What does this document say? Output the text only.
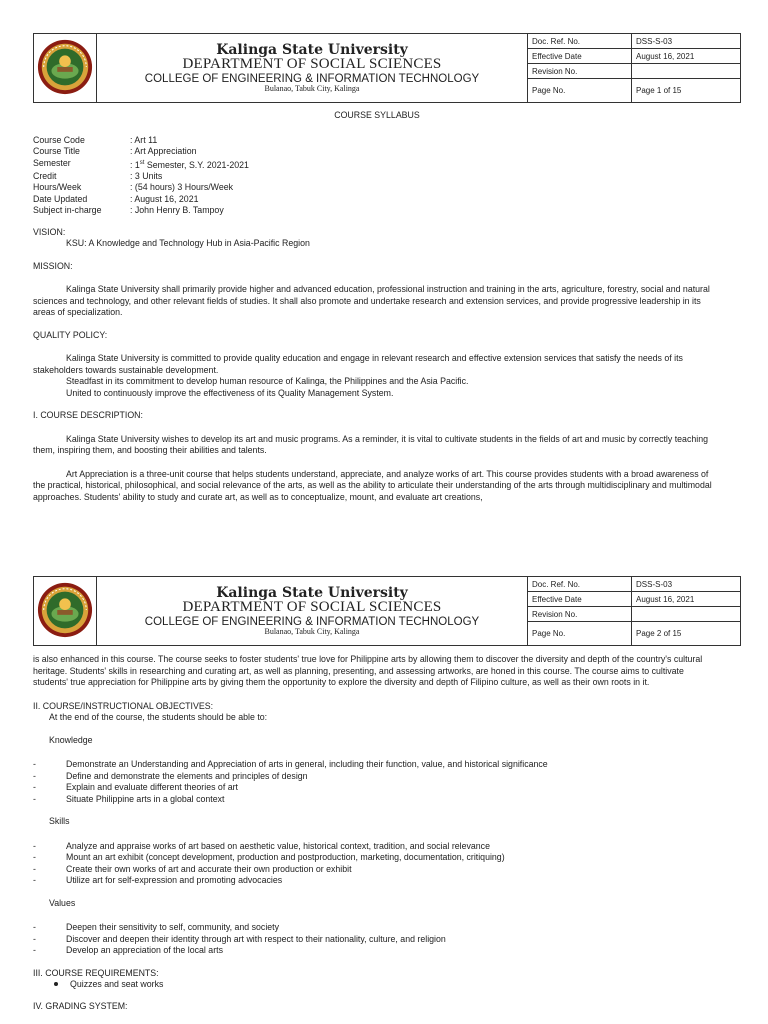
Kalinga State University
DEPARTMENT OF SOCIAL SCIENCES
COLLEGE OF ENGINEERING & INFORMATION TECHNOLOGY
Bulanao, Tabuk City, Kalinga	Doc. Ref. No.	DSS-S-03
		Effective Date	August 16, 2021
		Revision No.	
		Page No.	Page 1 of 15
COURSE SYLLABUS
Course Code	: Art 11
Course Title	: Art Appreciation
Semester	: 1st Semester, S.Y. 2021-2021
Credit	: 3 Units
Hours/Week	: (54 hours) 3 Hours/Week
Date Updated	: August 16, 2021
Subject in-charge	: John Henry B. Tampoy
VISION:
KSU: A Knowledge and Technology Hub in Asia-Pacific Region
MISSION:
Kalinga State University shall primarily provide higher and advanced education, professional instruction and training in the arts, agriculture, forestry, social and natural sciences and technology, and other relevant fields of studies. It shall also promote and undertake research and extension services, and provide progressive leadership in its areas of specialization.
QUALITY POLICY:
Kalinga State University is committed to provide quality education and engage in relevant research and effective extension services that satisfy the needs of its stakeholders towards sustainable development.
Steadfast in its commitment to develop human resource of Kalinga, the Philippines and the Asia Pacific.
United to continuously improve the effectiveness of its Quality Management System.
I. COURSE DESCRIPTION:
Kalinga State University wishes to develop its art and music programs. As a reminder, it is vital to cultivate students in the fields of art and music by correctly teaching them, inspiring them, and boosting their abilities and talents.
Art Appreciation is a three-unit course that helps students understand, appreciate, and analyze works of art. This course provides students with a broad awareness of the practical, historical, philosophical, and social relevance of the arts, as well as the ability to articulate their understanding of the arts through multidisciplinary and multimodal approaches. Students' ability to study and curate art, as well as to conceptualize, mount, and evaluate art creations,

Kalinga State University
DEPARTMENT OF SOCIAL SCIENCES
COLLEGE OF ENGINEERING & INFORMATION TECHNOLOGY
Bulanao, Tabuk City, Kalinga	Doc. Ref. No.	DSS-S-03
		Effective Date	August 16, 2021
		Revision No.	
		Page No.	Page 2 of 15
is also enhanced in this course. The course seeks to foster students' true love for Philippine arts by allowing them to discover the diversity and depth of the country's cultural heritage. Students' skills in researching and curating art, as well as planning, presenting, and assessing artworks, are honed in this course. The course aims to cultivate students' true appreciation for Philippine arts by giving them the opportunity to explore the diversity and depth of Filipino culture, as well as their own roots in it.
II. COURSE/INSTRUCTIONAL OBJECTIVES:
At the end of the course, the students should be able to:
Knowledge
-	Demonstrate an Understanding and Appreciation of arts in general, including their function, value, and historical significance
-	Define and demonstrate the elements and principles of design
-	Explain and evaluate different theories of art
-	Situate Philippine arts in a global context
Skills
-	Analyze and appraise works of art based on aesthetic value, historical context, tradition, and social relevance
-	Mount an art exhibit (concept development, production and postproduction, marketing, documentation, critiquing)
-	Create their own works of art and accurate their own production or exhibit
-	Utilize art for self-expression and promoting advocacies
Values
-	Deepen their sensitivity to self, community, and society
-	Discover and deepen their identity through art with respect to their nationality, culture, and religion
-	Develop an appreciation of the local arts
III. COURSE REQUIREMENTS:
Quizzes and seat works
IV. GRADING SYSTEM:
